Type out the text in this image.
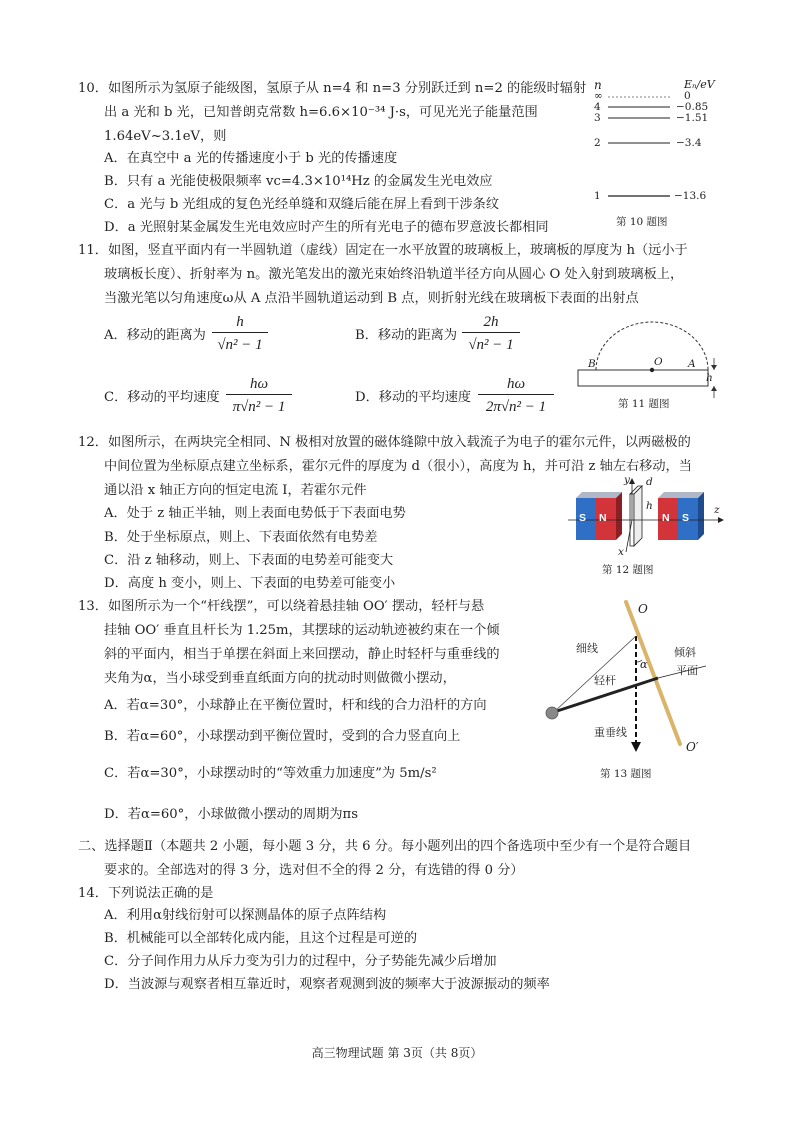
10．如图所示为氢原子能级图，氢原子从 n=4 和 n=3 分别跃迁到 n=2 的能级时辐射
出 a 光和 b 光，已知普朗克常数 h=6.6×10⁻³⁴ J·s，可见光光子能量范围
1.64eV~3.1eV，则
A．在真空中 a 光的传播速度小于 b 光的传播速度
B．只有 a 光能使极限频率 vc=4.3×10¹⁴Hz 的金属发生光电效应
C．a 光与 b 光组成的复色光经单缝和双缝后能在屏上看到干涉条纹
D．a 光照射某金属发生光电效应时产生的所有光电子的德布罗意波长都相同
n	Eₙ/eV
∞	0
4	−0.85
3	−1.51
2	−3.4
1	−13.6
第 10 题图
11．如图，竖直平面内有一半圆轨道（虚线）固定在一水平放置的玻璃板上，玻璃板的厚度为 h（远小于
玻璃板长度）、折射率为 n。激光笔发出的激光束始终沿轨道半径方向从圆心 O 处入射到玻璃板上，
当激光笔以匀角速度ω从 A 点沿半圆轨道运动到 B 点，则折射光线在玻璃板下表面的出射点
A．移动的距离为
h
√n² − 1
B．移动的距离为
2h
√n² − 1
C．移动的平均速度
hω
π√n² − 1
D．移动的平均速度
hω
2π√n² − 1
B	O A
h
第 11 题图
12．如图所示，在两块完全相同、N 极相对放置的磁体缝隙中放入载流子为电子的霍尔元件，以两磁极的
中间位置为坐标原点建立坐标系，霍尔元件的厚度为 d（很小），高度为 h，并可沿 z 轴左右移动，当
通以沿 x 轴正方向的恒定电流 I，若霍尔元件
A．处于 z 轴正半轴，则上表面电势低于下表面电势
B．处于坐标原点，则上、下表面依然有电势差
C．沿 z 轴移动，则上、下表面的电势差可能变大
D．高度 h 变小，则上、下表面的电势差可能变小
S N	N S
y d
h	z
x
第 12 题图
13．如图所示为一个“杆线摆”，可以绕着悬挂轴 OO′ 摆动，轻杆与悬
挂轴 OO′ 垂直且杆长为 1.25m，其摆球的运动轨迹被约束在一个倾
斜的平面内，相当于单摆在斜面上来回摆动，静止时轻杆与重垂线的
夹角为α，当小球受到垂直纸面方向的扰动时则做微小摆动，
A．若α=30°，小球静止在平衡位置时，杆和线的合力沿杆的方向
B．若α=60°，小球摆动到平衡位置时，受到的合力竖直向上
C．若α=30°，小球摆动时的“等效重力加速度”为 5m/s²
D．若α=60°，小球做微小摆动的周期为πs
O
O′
细线
轻杆
α
倾斜
平面
重垂线
第 13 题图
二、选择题Ⅱ（本题共 2 小题，每小题 3 分，共 6 分。每小题列出的四个备选项中至少有一个是符合题目
要求的。全部选对的得 3 分，选对但不全的得 2 分，有选错的得 0 分）
14．下列说法正确的是
A．利用α射线衍射可以探测晶体的原子点阵结构
B．机械能可以全部转化成内能，且这个过程是可逆的
C．分子间作用力从斥力变为引力的过程中，分子势能先减少后增加
D．当波源与观察者相互靠近时，观察者观测到波的频率大于波源振动的频率
高三物理试题 第 3页（共 8页）
